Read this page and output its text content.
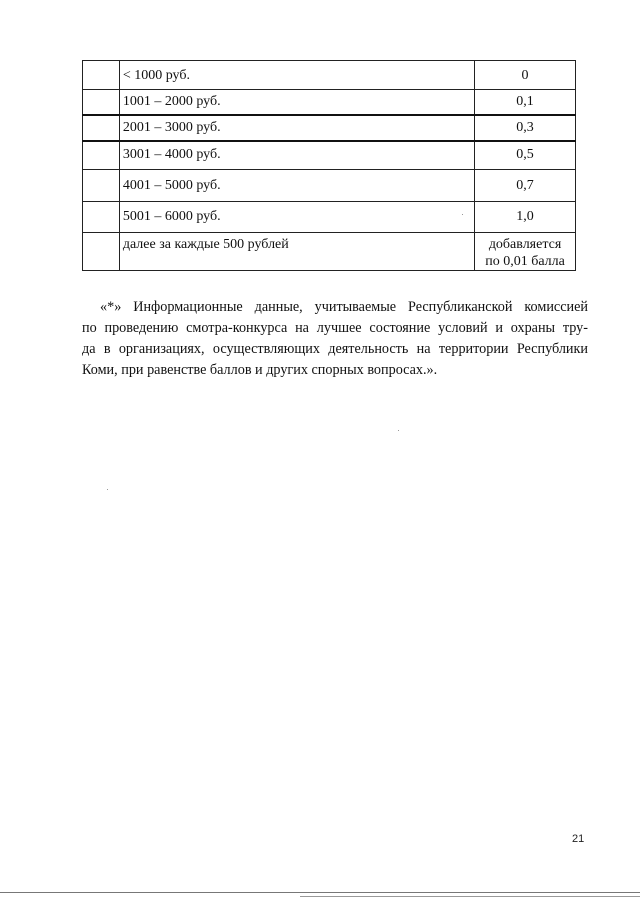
	< 1000 руб.	0
	1001 – 2000 руб.	0,1
	2001 – 3000 руб.	0,3
	3001 – 4000 руб.	0,5
	4001 – 5000 руб.	0,7
	5001 – 6000 руб.	1,0
	далее за каждые 500 рублей	добавляется
по 0,01 балла
«*» Информационные данные, учитываемые Республиканской комиссией
по проведению смотра-конкурса на лучшее состояние условий и охраны тру-
да в организациях, осуществляющих деятельность на территории Республики
Коми, при равенстве баллов и других спорных вопросах.».
21
